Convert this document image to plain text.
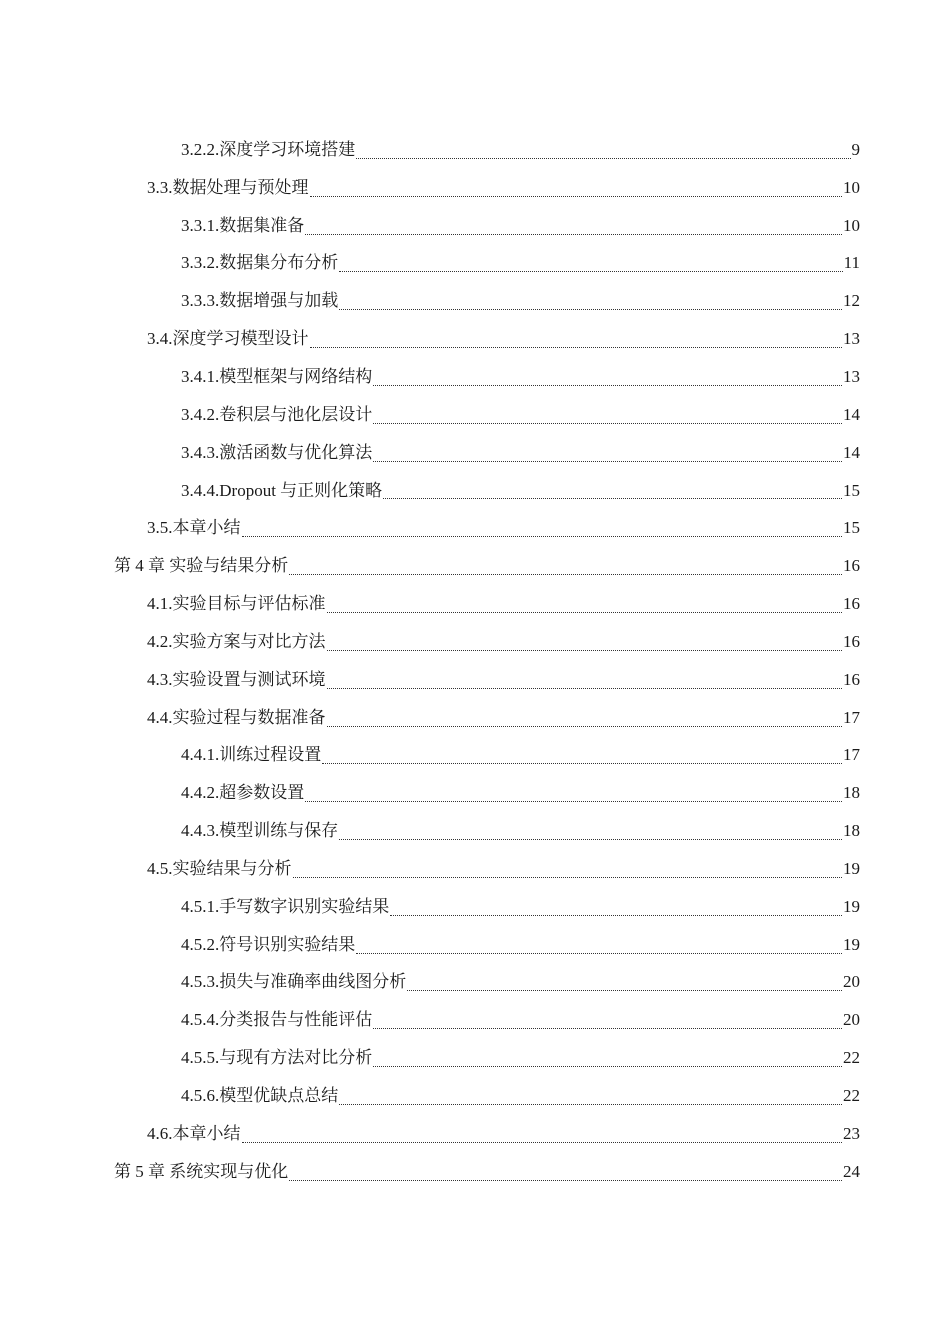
3.2.2.深度学习环境搭建	9
3.3.数据处理与预处理	10
3.3.1.数据集准备	10
3.3.2.数据集分布分析	11
3.3.3.数据增强与加载	12
3.4.深度学习模型设计	13
3.4.1.模型框架与网络结构	13
3.4.2.卷积层与池化层设计	14
3.4.3.激活函数与优化算法	14
3.4.4.Dropout 与正则化策略	15
3.5.本章小结	15
第 4 章 实验与结果分析	16
4.1.实验目标与评估标准	16
4.2.实验方案与对比方法	16
4.3.实验设置与测试环境	16
4.4.实验过程与数据准备	17
4.4.1.训练过程设置	17
4.4.2.超参数设置	18
4.4.3.模型训练与保存	18
4.5.实验结果与分析	19
4.5.1.手写数字识别实验结果	19
4.5.2.符号识别实验结果	19
4.5.3.损失与准确率曲线图分析	20
4.5.4.分类报告与性能评估	20
4.5.5.与现有方法对比分析	22
4.5.6.模型优缺点总结	22
4.6.本章小结	23
第 5 章 系统实现与优化	24
